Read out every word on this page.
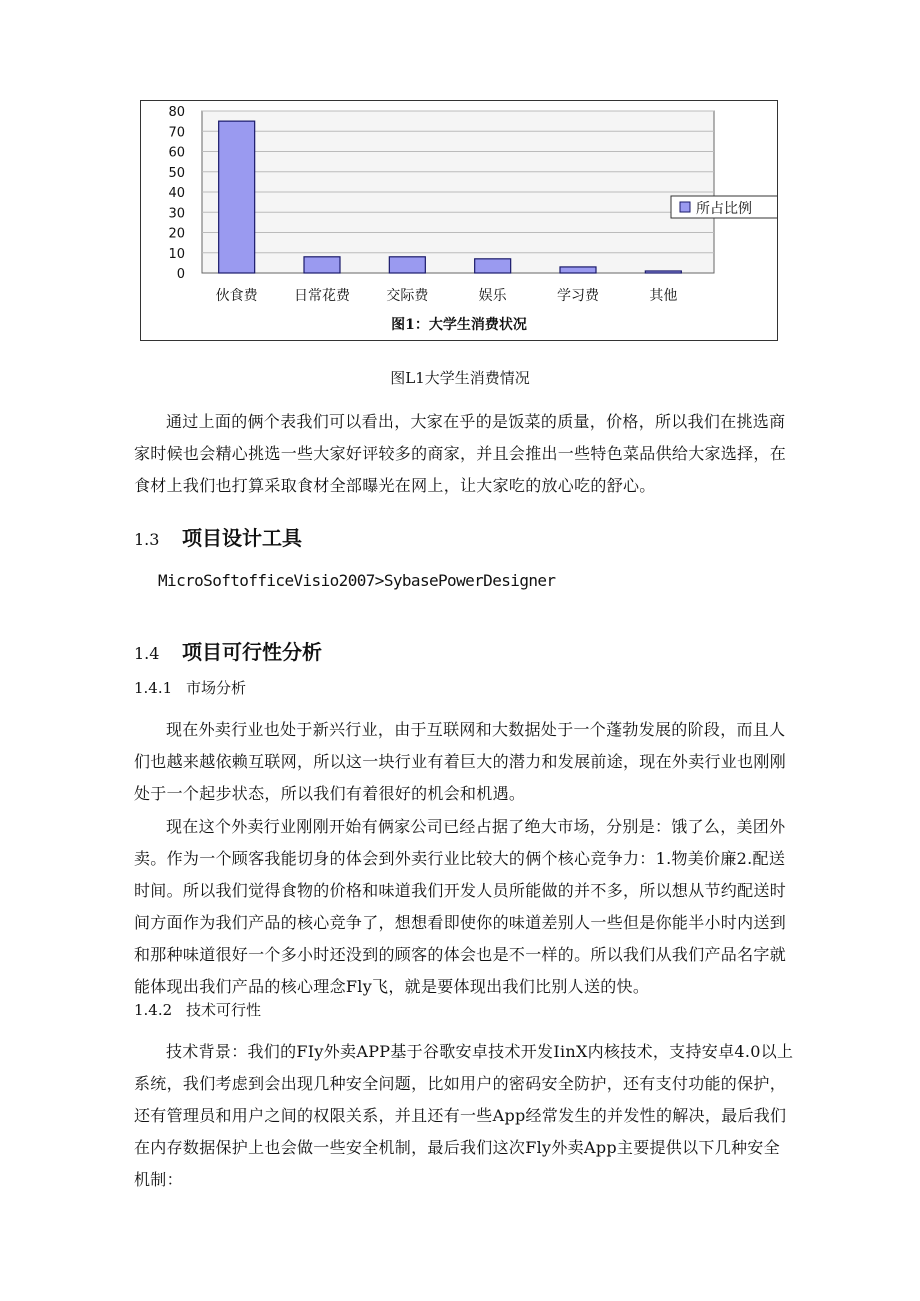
0
10
20
30
40
50
60
70
80
伙食费	日常花费	交际费	娱乐	学习费	其他
所占比例
图1：大学生消费状况
图L1大学生消费情况

通过上面的俩个表我们可以看出，大家在乎的是饭菜的质量，价格，所以我们在挑选商家时候也会精心挑选一些大家好评较多的商家，并且会推出一些特色菜品供给大家选择，在食材上我们也打算采取食材全部曝光在网上，让大家吃的放心吃的舒心。

1.3 项目设计工具
MicroSoftofficeVisio2007>SybasePowerDesigner
1.4 项目可行性分析
1.4.1 市场分析

现在外卖行业也处于新兴行业，由于互联网和大数据处于一个蓬勃发展的阶段，而且人们也越来越依赖互联网，所以这一块行业有着巨大的潜力和发展前途，现在外卖行业也刚刚处于一个起步状态，所以我们有着很好的机会和机遇。

现在这个外卖行业刚刚开始有俩家公司已经占据了绝大市场，分别是：饿了么，美团外卖。作为一个顾客我能切身的体会到外卖行业比较大的俩个核心竞争力：1.物美价廉2.配送时间。所以我们觉得食物的价格和味道我们开发人员所能做的并不多，所以想从节约配送时间方面作为我们产品的核心竞争了，想想看即使你的味道差别人一些但是你能半小时内送到和那种味道很好一个多小时还没到的顾客的体会也是不一样的。所以我们从我们产品名字就能体现出我们产品的核心理念Fly飞，就是要体现出我们比别人送的快。

1.4.2 技术可行性

技术背景：我们的FIy外卖APP基于谷歌安卓技术开发IinX内核技术，支持安卓4.0以上系统，我们考虑到会出现几种安全问题，比如用户的密码安全防护，还有支付功能的保护，还有管理员和用户之间的权限关系，并且还有一些App经常发生的并发性的解决，最后我们在内存数据保护上也会做一些安全机制，最后我们这次Fly外卖App主要提供以下几种安全机制：
